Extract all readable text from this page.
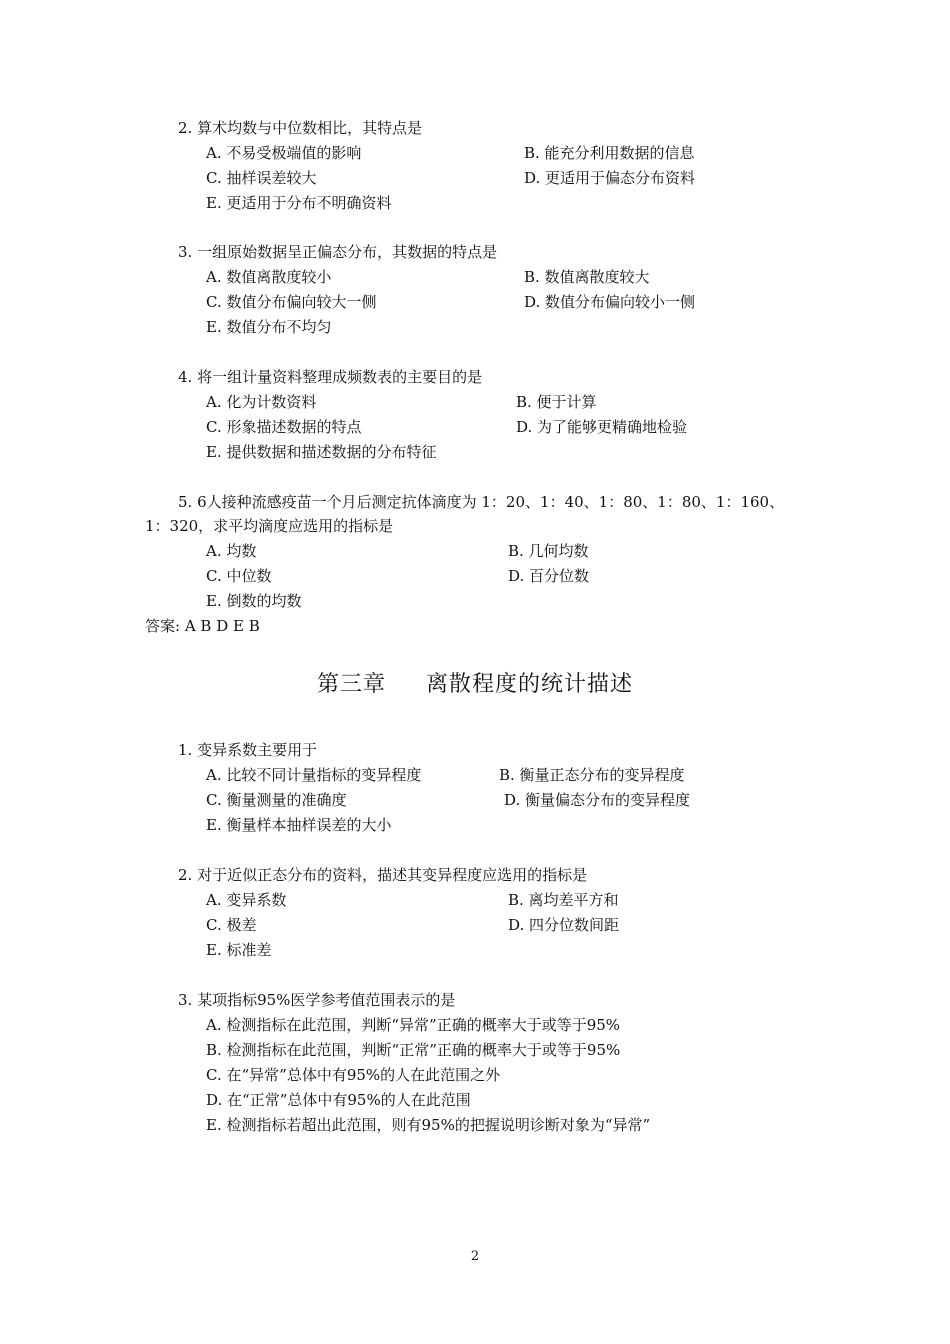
2. 算术均数与中位数相比，其特点是
A. 不易受极端值的影响	B. 能充分利用数据的信息
C. 抽样误差较大	D. 更适用于偏态分布资料
E. 更适用于分布不明确资料
3. 一组原始数据呈正偏态分布，其数据的特点是
A. 数值离散度较小	B. 数值离散度较大
C. 数值分布偏向较大一侧	D. 数值分布偏向较小一侧
E. 数值分布不均匀
4. 将一组计量资料整理成频数表的主要目的是
A. 化为计数资料	B. 便于计算
C. 形象描述数据的特点	D. 为了能够更精确地检验
E. 提供数据和描述数据的分布特征
5. 6人接种流感疫苗一个月后测定抗体滴度为 1：20、1：40、1：80、1：80、1：160、
1：320，求平均滴度应选用的指标是
A. 均数	B. 几何均数
C. 中位数	D. 百分位数
E. 倒数的均数
答案: A B D E B
第三章 离散程度的统计描述
1. 变异系数主要用于
A. 比较不同计量指标的变异程度	B. 衡量正态分布的变异程度
C. 衡量测量的准确度	D. 衡量偏态分布的变异程度
E. 衡量样本抽样误差的大小
2. 对于近似正态分布的资料，描述其变异程度应选用的指标是
A. 变异系数	B. 离均差平方和
C. 极差	D. 四分位数间距
E. 标准差
3. 某项指标95%医学参考值范围表示的是
A. 检测指标在此范围，判断“异常”正确的概率大于或等于95%
B. 检测指标在此范围，判断“正常”正确的概率大于或等于95%
C. 在“异常”总体中有95%的人在此范围之外
D. 在“正常”总体中有95%的人在此范围
E. 检测指标若超出此范围，则有95%的把握说明诊断对象为“异常”
2
